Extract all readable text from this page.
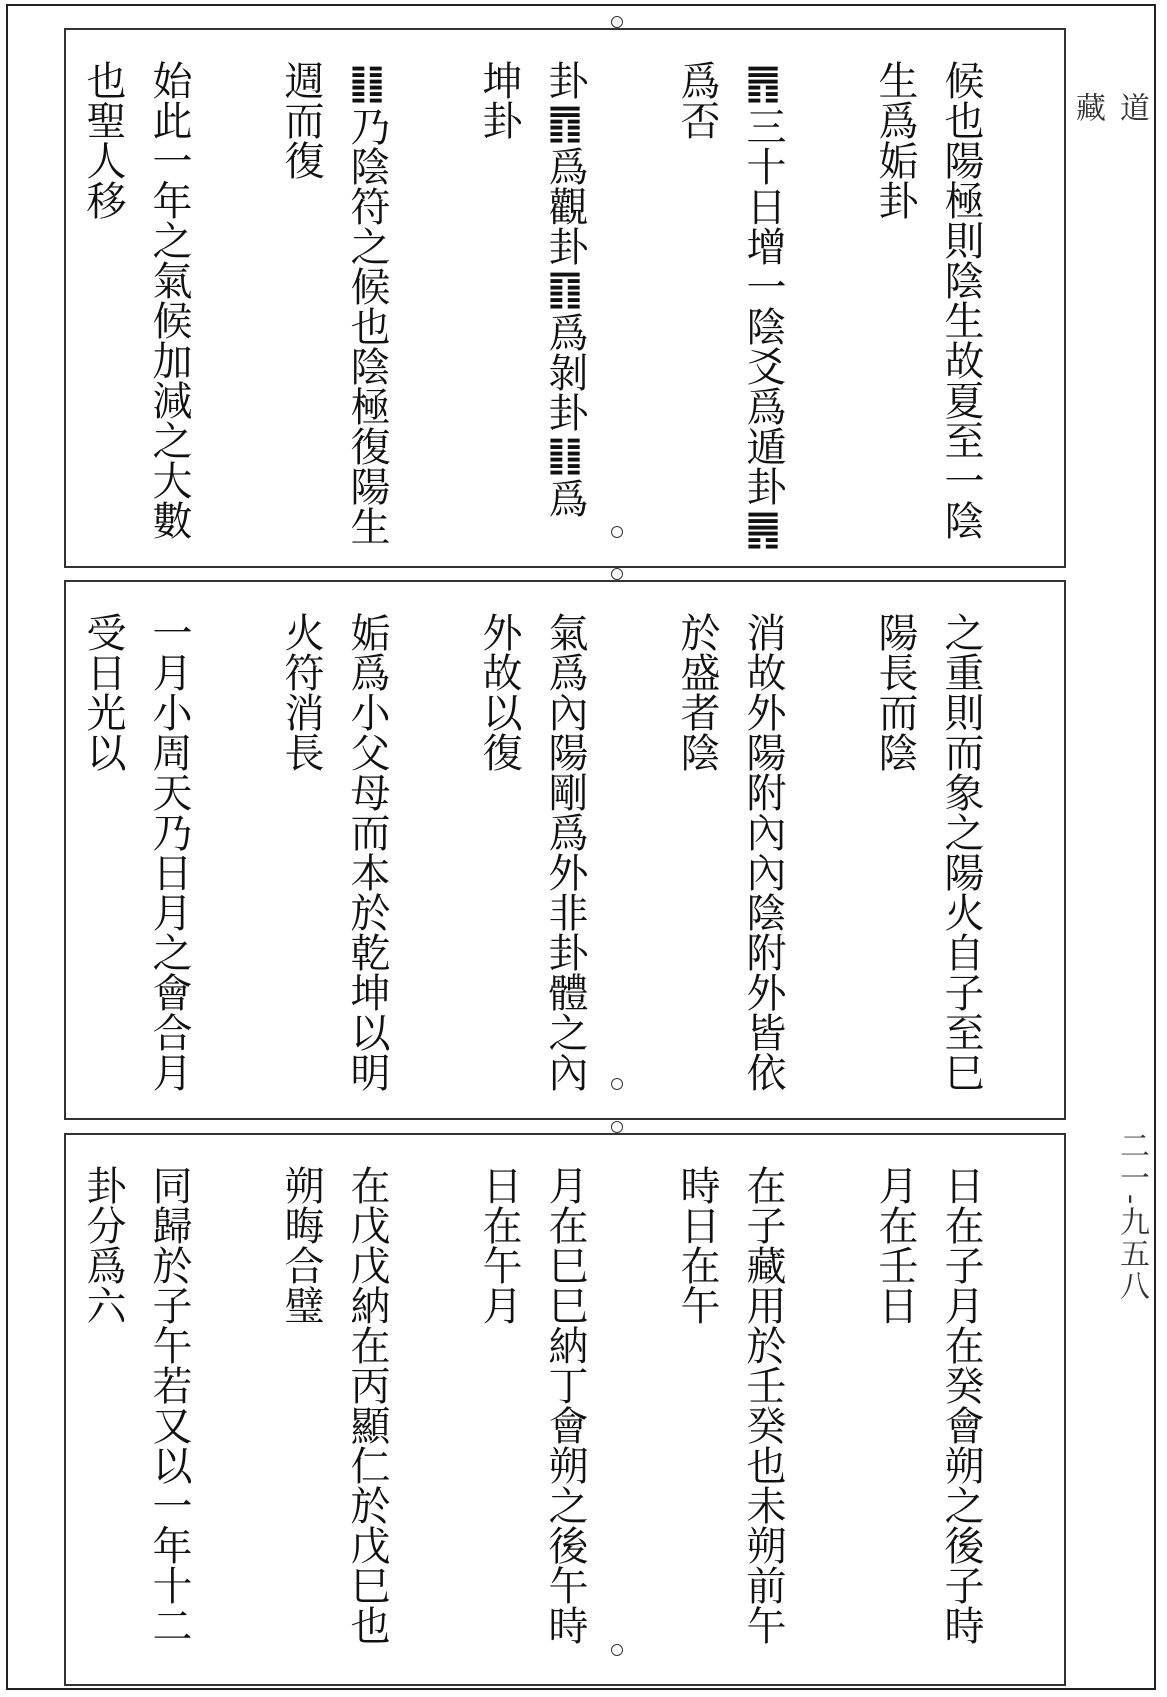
道
藏
二一‐九五八

候也陽極則陰生故夏至一陰生爲姤卦

䷋三十日增一陰爻爲遁卦䷠爲否

卦䷓爲觀卦䷖爲剝卦䷁爲坤卦

䷁乃陰符之候也陰極復陽生週而復

始此一年之氣候加減之大數也聖人移

之重則而象之陽火自子至巳陽長而陰

消故外陽附內內陰附外皆依於盛者陰

氣爲內陽剛爲外非卦體之內外故以復

姤爲小父母而本於乾坤以明火符消長

一月小周天乃日月之會合月受日光以

日在子月在癸會朔之後子時月在壬日

在子藏用於壬癸也未朔前午時日在午

月在巳巳納丁會朔之後午時日在午月

在戊戊納在丙顯仁於戊巳也朔晦合璧

同歸於子午若又以一年十二卦分爲六
